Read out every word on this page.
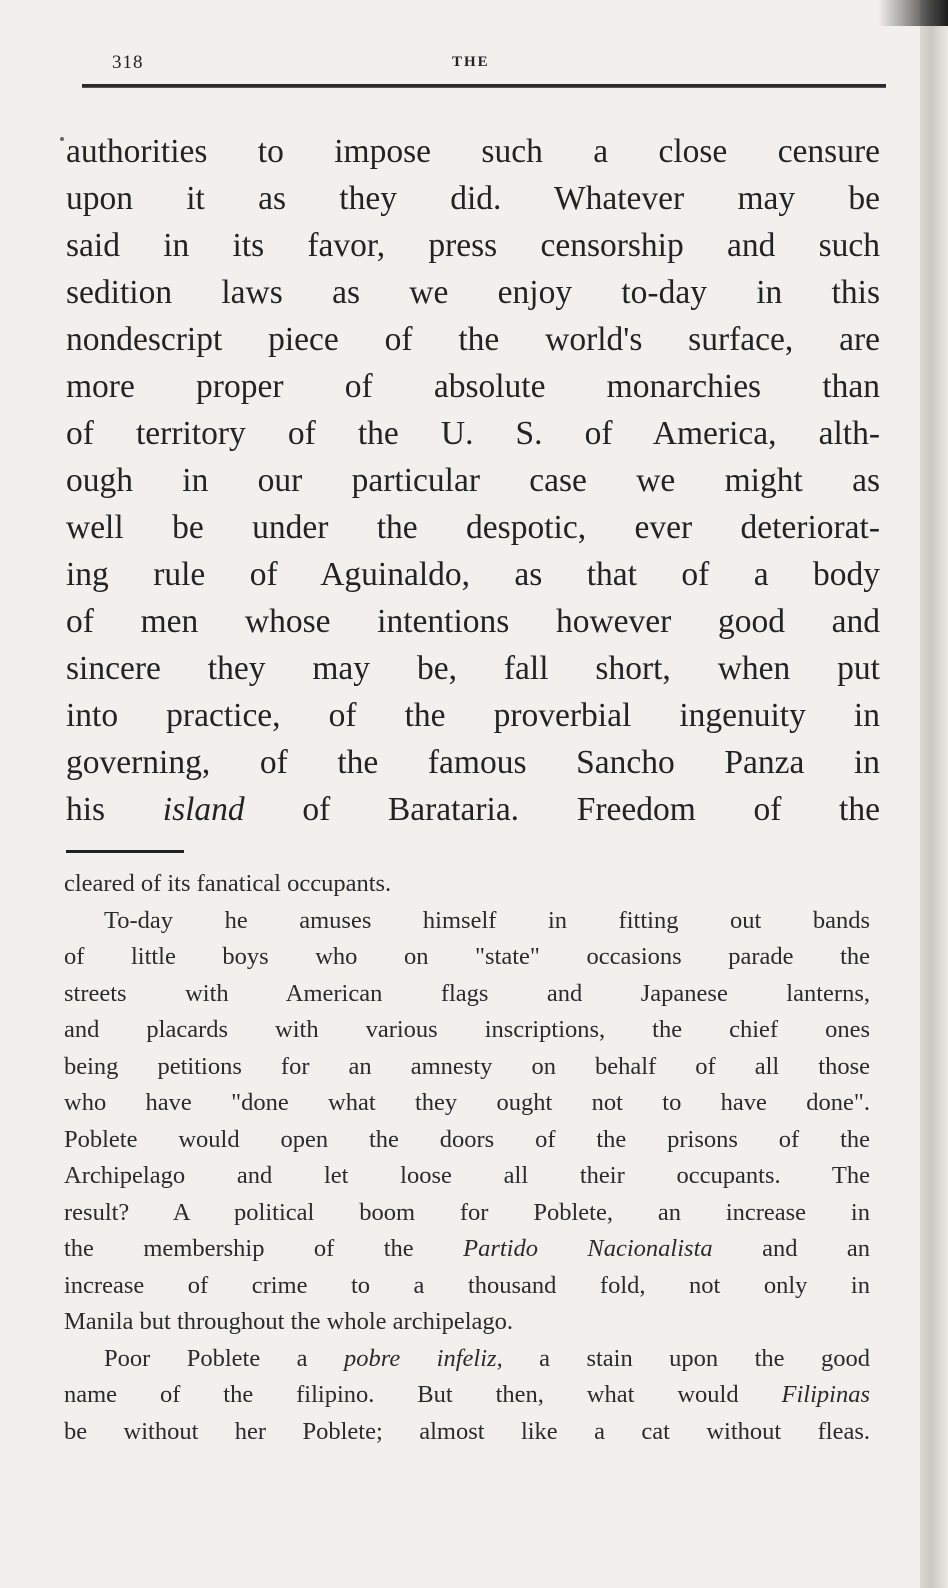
318	THE
authorities to impose such a close censure
upon it as they did. Whatever may be
said in its favor, press censorship and such
sedition laws as we enjoy to-day in this
nondescript piece of the world's surface, are
more proper of absolute monarchies than
of territory of the U. S. of America, alth-
ough in our particular case we might as
well be under the despotic, ever deteriorat-
ing rule of Aguinaldo, as that of a body
of men whose intentions however good and
sincere they may be, fall short, when put
into practice, of the proverbial ingenuity in
governing, of the famous Sancho Panza in
his island of Barataria. Freedom of the
cleared of its fanatical occupants.
To-day he amuses himself in fitting out bands
of little boys who on "state" occasions parade the
streets with American flags and Japanese lanterns,
and placards with various inscriptions, the chief ones
being petitions for an amnesty on behalf of all those
who have "done what they ought not to have done".
Poblete would open the doors of the prisons of the
Archipelago and let loose all their occupants. The
result? A political boom for Poblete, an increase in
the membership of the Partido Nacionalista and an
increase of crime to a thousand fold, not only in
Manila but throughout the whole archipelago.
Poor Poblete a pobre infeliz, a stain upon the good
name of the filipino. But then, what would Filipinas
be without her Poblete; almost like a cat without fleas.
